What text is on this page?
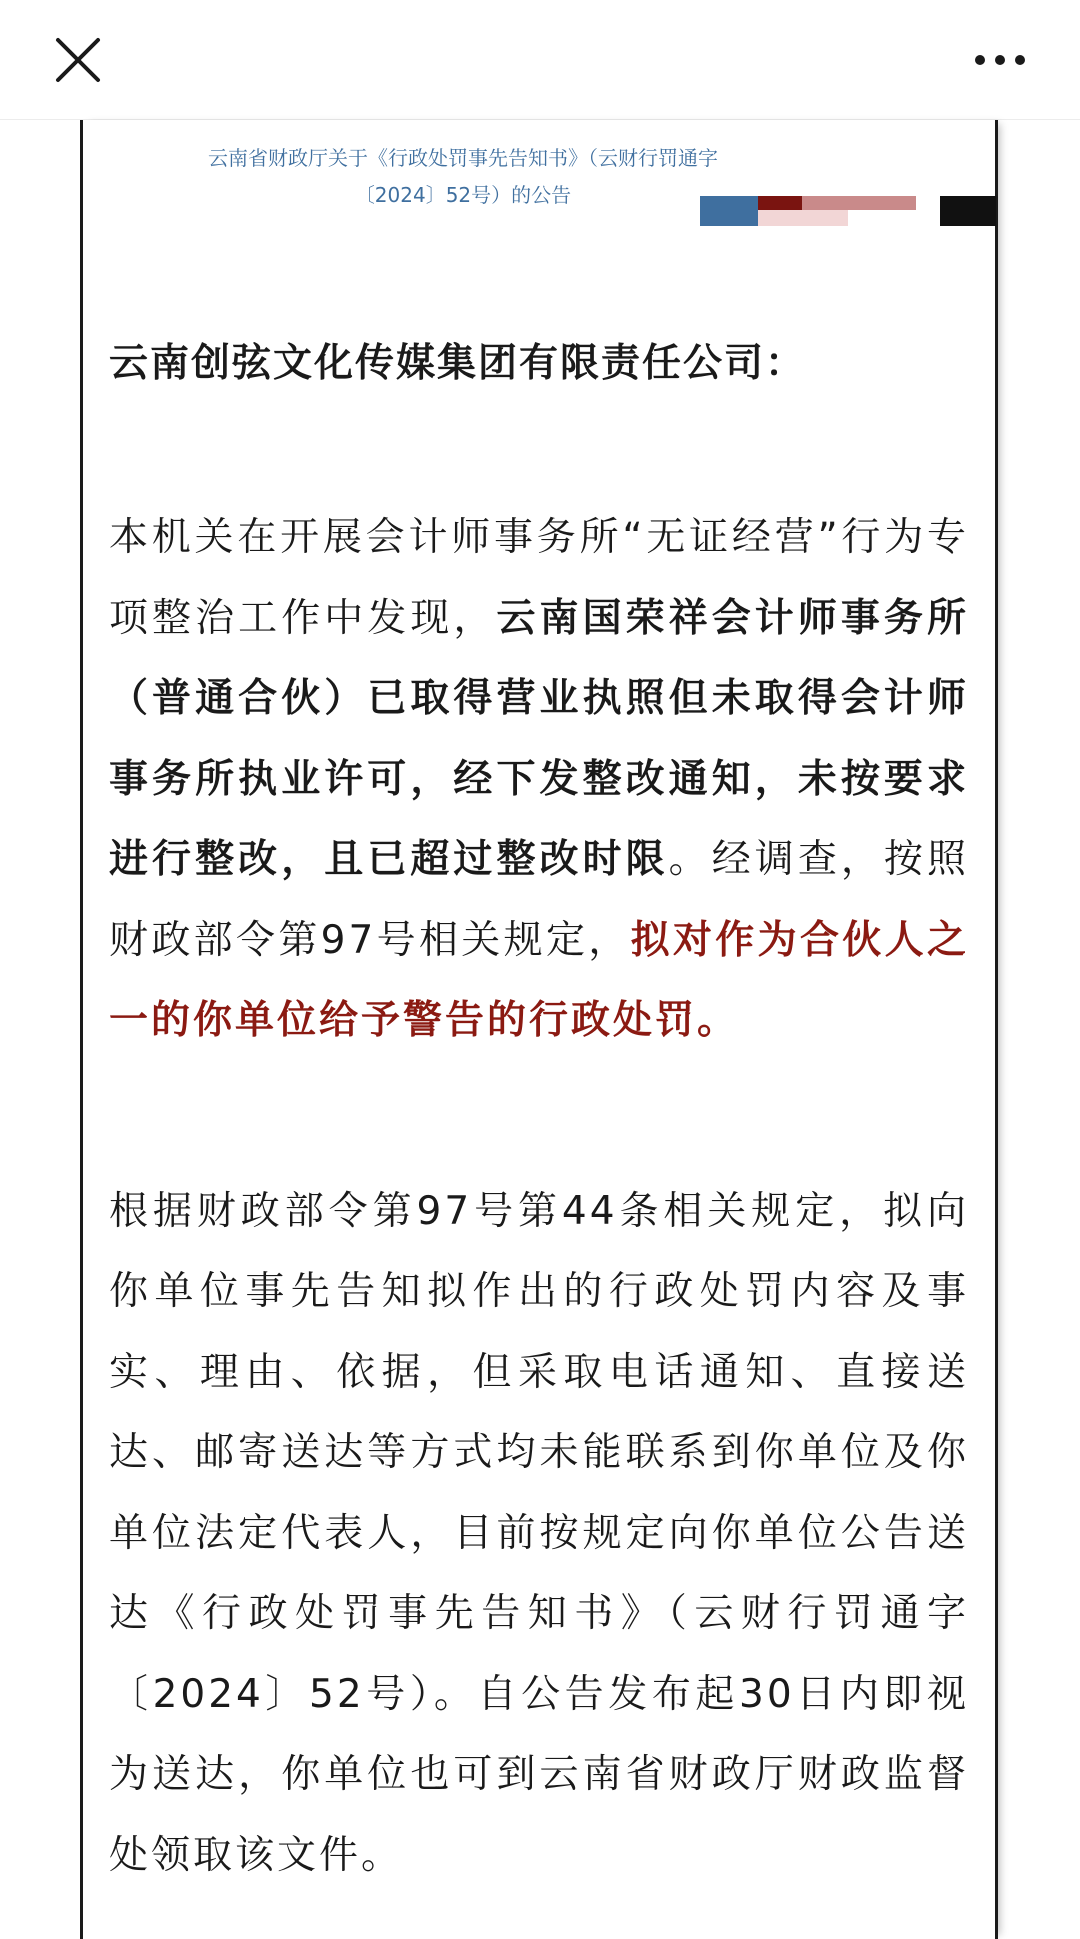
云南省财政厅关于《行政处罚事先告知书》（云财行罚通字
〔2024〕52号）的公告
云南创弦文化传媒集团有限责任公司：

本机关在开展会计师事务所“无证经营”行为专项整治工作中发现，云南国荣祥会计师事务所（普通合伙）已取得营业执照但未取得会计师事务所执业许可，经下发整改通知，未按要求进行整改，且已超过整改时限。经调查，按照财政部令第97号相关规定，拟对作为合伙人之一的你单位给予警告的行政处罚。

根据财政部令第97号第44条相关规定，拟向你单位事先告知拟作出的行政处罚内容及事实、理由、依据，但采取电话通知、直接送达、邮寄送达等方式均未能联系到你单位及你单位法定代表人，目前按规定向你单位公告送达《行政处罚事先告知书》（云财行罚通字〔2024〕52号）。自公告发布起30日内即视为送达，你单位也可到云南省财政厅财政监督处领取该文件。
